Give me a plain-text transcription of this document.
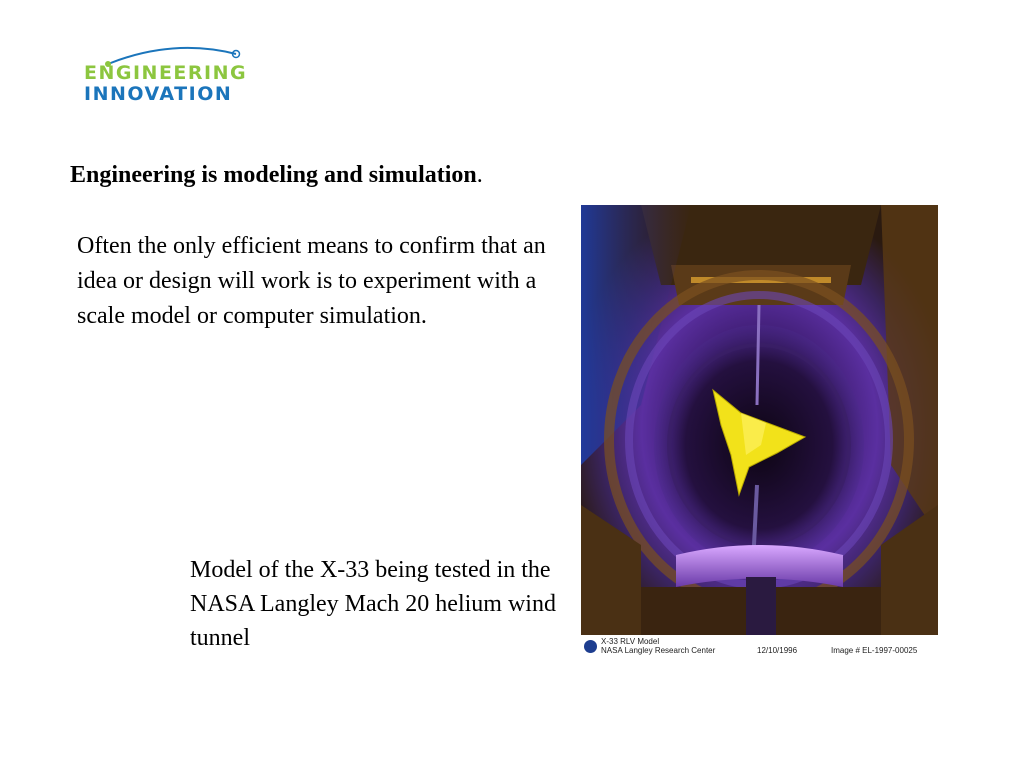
ENGINEERING
INNOVATION
Engineering is modeling and simulation.
Often the only efficient means to confirm that an idea or design will work is to experiment with a scale model or computer simulation.
X-33 RLV Model
NASA Langley Research Center	12/10/1996	Image # EL-1997-00025
Model of the X-33 being tested in the NASA Langley Mach 20 helium wind tunnel
